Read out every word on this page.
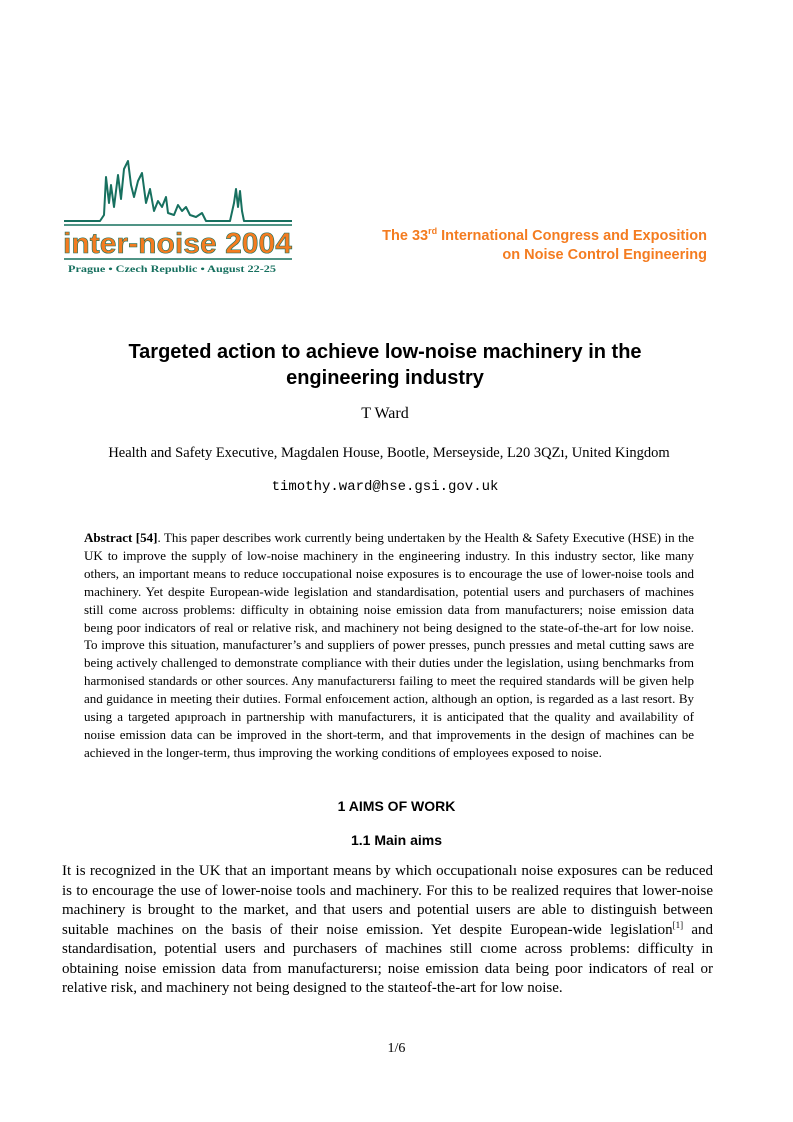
inter-noise 2004
Prague • Czech Republic • August 22-25
The 33rd International Congress and Exposition
on Noise Control Engineering
Targeted action to achieve low-noise machinery in the engineering industry
T Ward
Health and Safety Executive, Magdalen House, Bootle, Merseyside, L20 3QZı, United Kingdom
timothy.ward@hse.gsi.gov.uk
Abstract [54]. This paper describes work currently being undertaken by the Health & Safety Executive (HSE) in the UK to improve the supply of low-noise machinery in the engineering industry. In this industry sector, like many others, an important means to reduce ıoccupational noise exposures is to encourage the use of lower-noise tools and machinery. Yet despite European-wide legislation and standardisation, potential users and purchasers of machines still come aıcross problems: difficulty in obtaining noise emission data from manufacturers; noise emission data beıng poor indicators of real or relative risk, and machinery not being designed to the state-of-the-art for low noise. To improve this situation, manufacturer’s and suppliers of power presses, punch pressıes and metal cutting saws are being actively challenged to demonstrate compliance with their duties under the legislation, usiıng benchmarks from harmonised standards or other sources. Any manufacturersı failing to meet the required standards will be given help and guidance in meeting their dutiıes. Formal enfoıcement action, although an option, is regarded as a last resort. By using a targeted apıproach in partnership with manufacturers, it is anticipated that the quality and availability of noıise emission data can be improved in the short-term, and that improvements in the design of machines can be achieved in the longer-term, thus improving the working conditions of employees exposed to noise.
1 AIMS OF WORK
1.1 Main aims
It is recognized in the UK that an important means by which occupationalı noise exposures can be reduced is to encourage the use of lower-noise tools and machinery. For this to be realized requires that lower-noise machinery is brought to the market, and that users and potential uısers are able to distinguish between suitable machines on the basis of their noise emission. Yet despite European-wide legislation[1] and standardisation, potential users and purchasers of machines still cıome across problems: difficulty in obtaining noise emission data from manufacturersı; noise emission data being poor indicators of real or relative risk, and machinery not being designed to the staıteof-the-art for low noise.
1/6
